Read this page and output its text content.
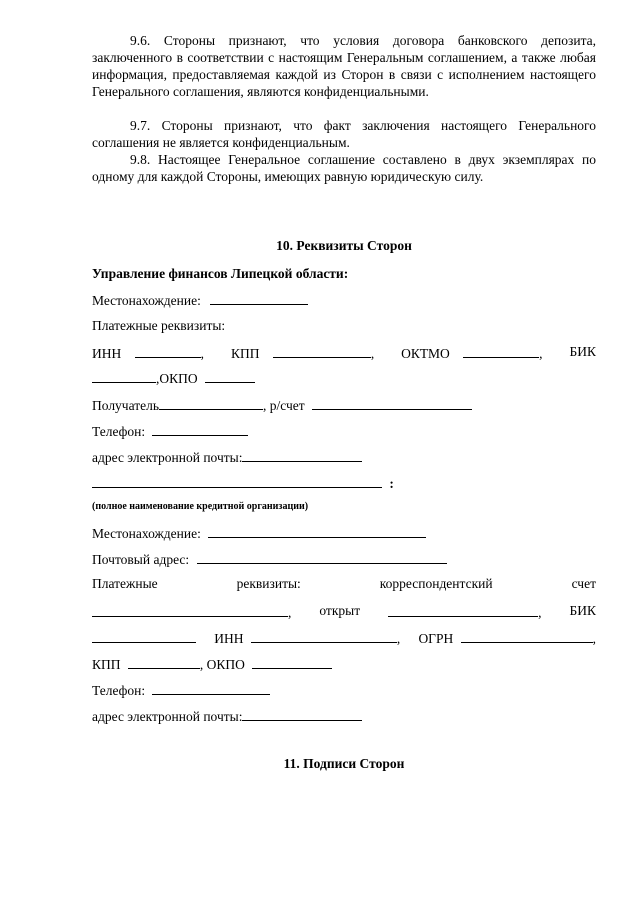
9.6. Стороны признают, что условия договора банковского депозита, заключенного в соответствии с настоящим Генеральным соглашением, а также любая информация, предоставляемая каждой из Сторон в связи с исполнением настоящего Генерального соглашения, являются конфиденциальными.

9.7. Стороны признают, что факт заключения настоящего Генерального соглашения не является конфиденциальным.

9.8. Настоящее Генеральное соглашение составлено в двух экземплярах по одному для каждой Стороны, имеющих равную юридическую силу.

10. Реквизиты Сторон

Управление финансов Липецкой области:

Местонахождение:

Платежные реквизиты:

ИНН	, КПП	, ОКТМО	, БИК

,ОКПО

Получатель	, р/счет

Телефон:

адрес электронной почты:

:

(полное наименование кредитной организации)

Местонахождение:

Почтовый адрес:

Платежные	реквизиты:	корреспондентский	счет
, открыт	, БИК
ИНН	, ОГРН	,

КПП	, ОКПО

Телефон:

адрес электронной почты:

11. Подписи Сторон
